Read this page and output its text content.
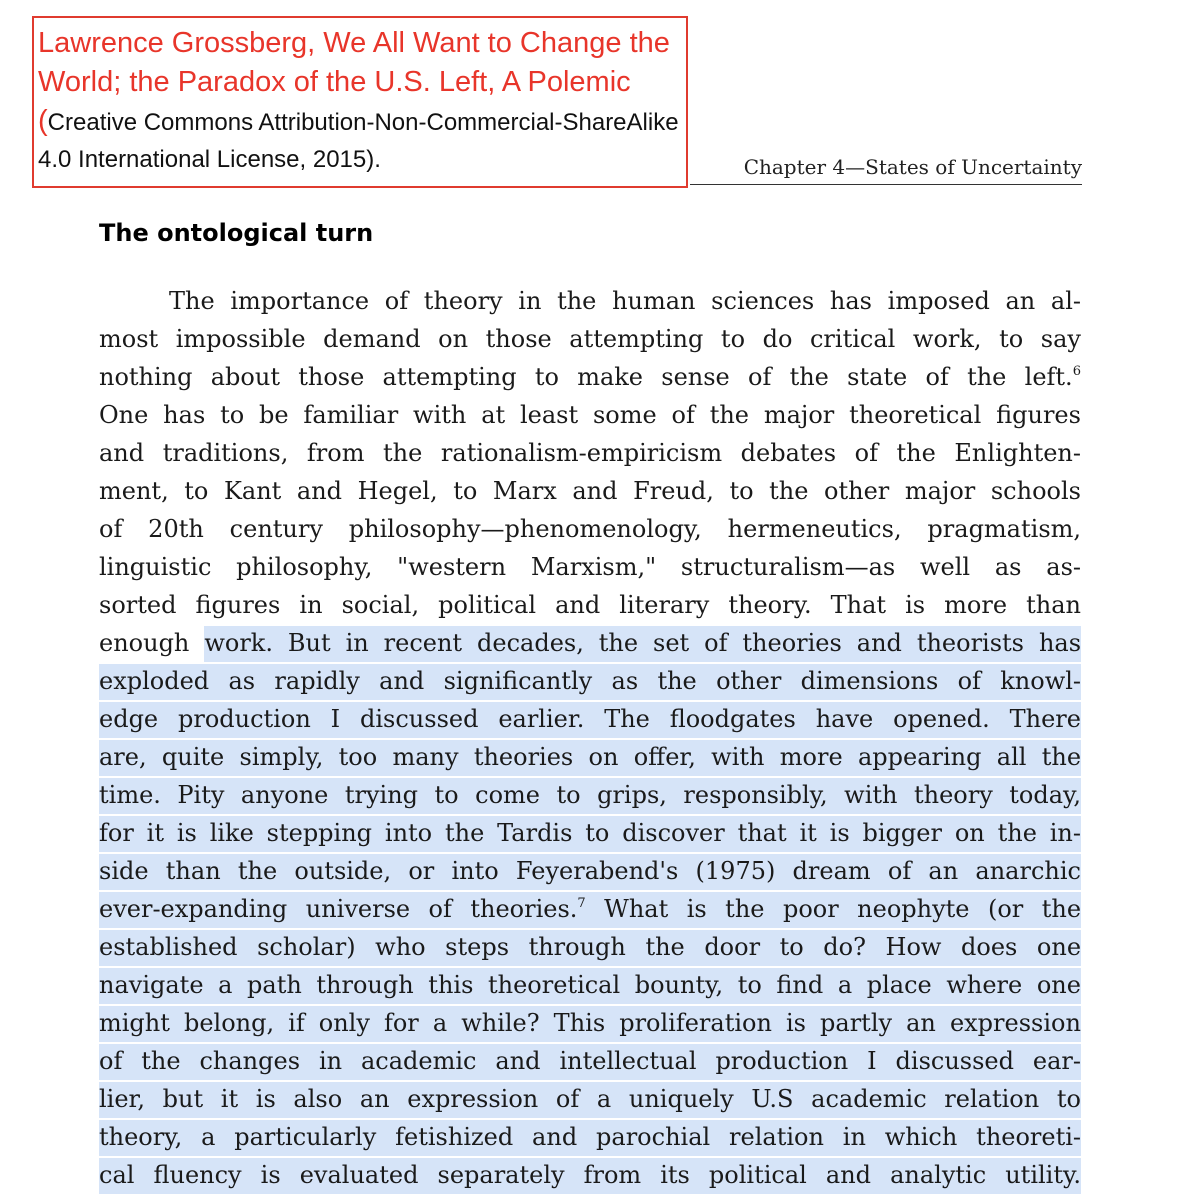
Lawrence Grossberg, We All Want to Change the World; the Paradox of the U.S. Left, A Polemic (Creative Commons Attribution-Non-Commercial-ShareAlike 4.0 International License, 2015).	Chapter 4—States of Uncertainty
The ontological turn
The importance of theory in the human sciences has imposed an al-
most impossible demand on those attempting to do critical work, to say
nothing about those attempting to make sense of the state of the left.$^6$
One has to be familiar with at least some of the major theoretical figures
and traditions, from the rationalism-empiricism debates of the Enlighten-
ment, to Kant and Hegel, to Marx and Freud, to the other major schools
of 20th century philosophy—phenomenology, hermeneutics, pragmatism,
linguistic philosophy, "western Marxism," structuralism—as well as as-
sorted figures in social, political and literary theory. That is more than
enough work. But in recent decades, the set of theories and theorists has
exploded as rapidly and significantly as the other dimensions of knowl-
edge production I discussed earlier. The floodgates have opened. There
are, quite simply, too many theories on offer, with more appearing all the
time. Pity anyone trying to come to grips, responsibly, with theory today,
for it is like stepping into the Tardis to discover that it is bigger on the in-
side than the outside, or into Feyerabend's (1975) dream of an anarchic
ever-expanding universe of theories.$^7$ What is the poor neophyte (or the
established scholar) who steps through the door to do? How does one
navigate a path through this theoretical bounty, to find a place where one
might belong, if only for a while? This proliferation is partly an expression
of the changes in academic and intellectual production I discussed ear-
lier, but it is also an expression of a uniquely U.S academic relation to
theory, a particularly fetishized and parochial relation in which theoreti-
cal fluency is evaluated separately from its political and analytic utility.
